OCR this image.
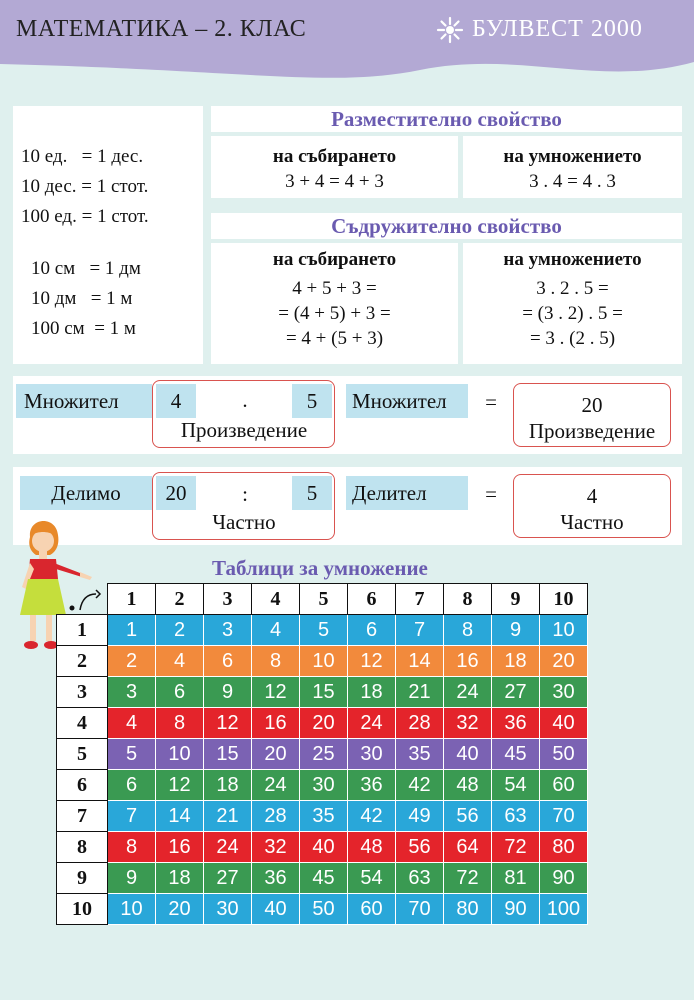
МАТЕМАТИКА – 2. КЛАС	БУЛВЕСТ 2000
10 ед. = 1 дес.
10 дес. = 1 стот.
100 ед. = 1 стот.
10 см = 1 дм
10 дм = 1 м
100 см = 1 м
Разместително свойство
на събирането
3 + 4 = 4 + 3
на умножението
3 . 4 = 4 . 3
Съдружително свойство
на събирането
4 + 5 + 3 =
= (4 + 5) + 3 =
= 4 + (5 + 3)
на умножението
3 . 2 . 5 =
= (3 . 2) . 5 =
= 3 . (2 . 5)
Множител	4	.	5
Произведение
Множител	=	20
Произведение
Делимо	20	:	5
Частно
Делител	=	4
Частно
Таблици за умножение
	1	2	3	4	5	6	7	8	9	10
1	1	2	3	4	5	6	7	8	9	10
2	2	4	6	8	10	12	14	16	18	20
3	3	6	9	12	15	18	21	24	27	30
4	4	8	12	16	20	24	28	32	36	40
5	5	10	15	20	25	30	35	40	45	50
6	6	12	18	24	30	36	42	48	54	60
7	7	14	21	28	35	42	49	56	63	70
8	8	16	24	32	40	48	56	64	72	80
9	9	18	27	36	45	54	63	72	81	90
10	10	20	30	40	50	60	70	80	90	100
